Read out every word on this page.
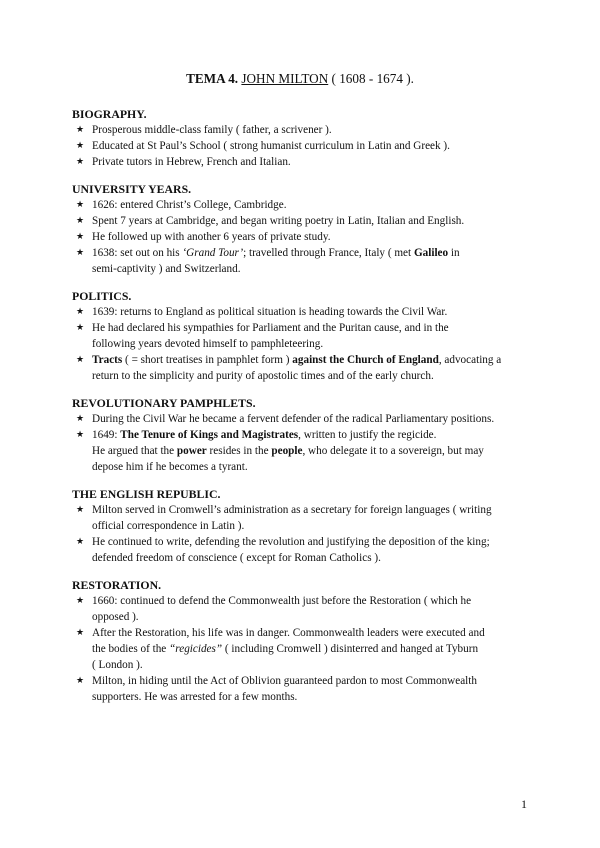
TEMA 4. JOHN MILTON ( 1608 - 1674 ).
BIOGRAPHY.
★ Prosperous middle-class family ( father, a scrivener ).
★ Educated at St Paul’s School ( strong humanist curriculum in Latin and Greek ).
★ Private tutors in Hebrew, French and Italian.
UNIVERSITY YEARS.
★ 1626: entered Christ’s College, Cambridge.
★ Spent 7 years at Cambridge, and began writing poetry in Latin, Italian and English.
★ He followed up with another 6 years of private study.
★ 1638: set out on his ‘Grand Tour’; travelled through France, Italy ( met Galileo in
semi-captivity ) and Switzerland.
POLITICS.
★ 1639: returns to England as political situation is heading towards the Civil War.
★ He had declared his sympathies for Parliament and the Puritan cause, and in the
following years devoted himself to pamphleteering.
★ Tracts ( = short treatises in pamphlet form ) against the Church of England, advocating a
return to the simplicity and purity of apostolic times and of the early church.
REVOLUTIONARY PAMPHLETS.
★ During the Civil War he became a fervent defender of the radical Parliamentary positions.
★ 1649: The Tenure of Kings and Magistrates, written to justify the regicide.
He argued that the power resides in the people, who delegate it to a sovereign, but may
depose him if he becomes a tyrant.
THE ENGLISH REPUBLIC.
★ Milton served in Cromwell’s administration as a secretary for foreign languages ( writing
official correspondence in Latin ).
★ He continued to write, defending the revolution and justifying the deposition of the king;
defended freedom of conscience ( except for Roman Catholics ).
RESTORATION.
★ 1660: continued to defend the Commonwealth just before the Restoration ( which he
opposed ).
★ After the Restoration, his life was in danger. Commonwealth leaders were executed and
the bodies of the “regicides” ( including Cromwell ) disinterred and hanged at Tyburn
( London ).
★ Milton, in hiding until the Act of Oblivion guaranteed pardon to most Commonwealth
supporters. He was arrested for a few months.
1
